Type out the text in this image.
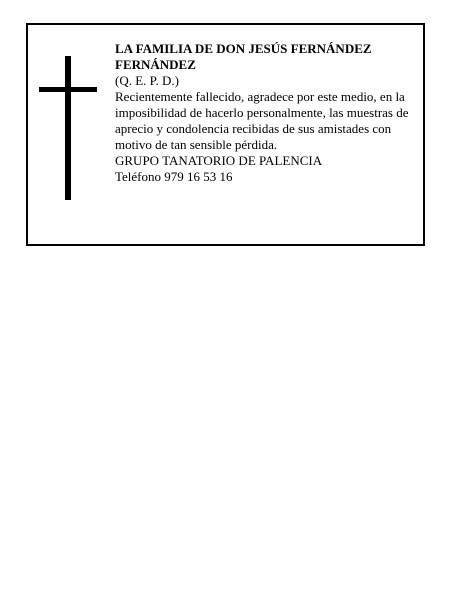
LA FAMILIA DE DON JESÚS FERNÁNDEZ FERNÁNDEZ

(Q. E. P. D.)

Recientemente fallecido, agradece por este medio, en la imposibilidad de hacerlo personalmente, las muestras de aprecio y condolencia recibidas de sus amistades con motivo de tan sensible pérdida.

GRUPO TANATORIO DE PALENCIA

Teléfono 979 16 53 16
